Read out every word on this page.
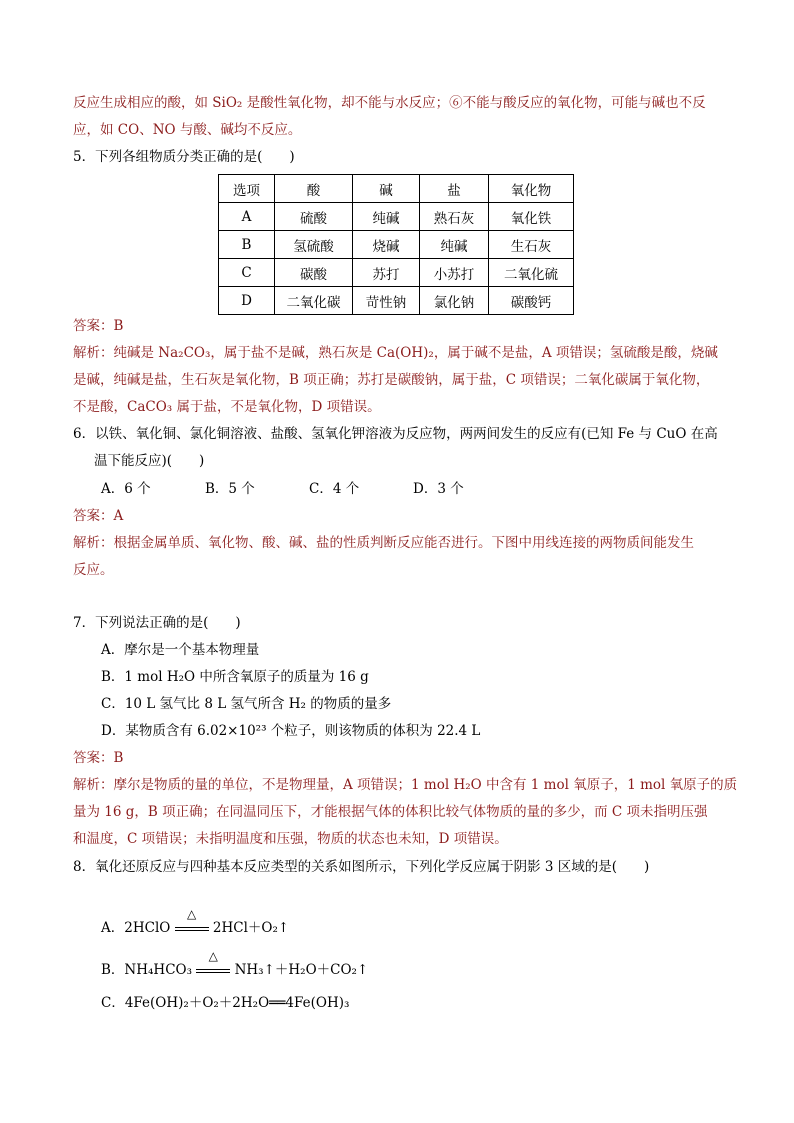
反应生成相应的酸，如 SiO₂ 是酸性氧化物，却不能与水反应；⑥不能与酸反应的氧化物，可能与碱也不反
应，如 CO、NO 与酸、碱均不反应。
5．下列各组物质分类正确的是(　　)
选项	酸	碱	盐	氧化物
A	硫酸	纯碱	熟石灰	氧化铁
B	氢硫酸	烧碱	纯碱	生石灰
C	碳酸	苏打	小苏打	二氧化硫
D	二氧化碳	苛性钠	氯化钠	碳酸钙
答案：B
解析：纯碱是 Na₂CO₃，属于盐不是碱，熟石灰是 Ca(OH)₂，属于碱不是盐，A 项错误；氢硫酸是酸，烧碱
是碱，纯碱是盐，生石灰是氧化物，B 项正确；苏打是碳酸钠，属于盐，C 项错误；二氧化碳属于氧化物，
不是酸，CaCO₃ 属于盐，不是氧化物，D 项错误。
6．以铁、氧化铜、氯化铜溶液、盐酸、氢氧化钾溶液为反应物，两两间发生的反应有(已知 Fe 与 CuO 在高
温下能反应)(　　)
A．6 个	B．5 个	C．4 个	D．3 个
答案：A
解析：根据金属单质、氧化物、酸、碱、盐的性质判断反应能否进行。下图中用线连接的两物质间能发生
反应。
7．下列说法正确的是(　　)
A．摩尔是一个基本物理量
B．1 mol H₂O 中所含氧原子的质量为 16 g
C．10 L 氢气比 8 L 氢气所含 H₂ 的物质的量多
D．某物质含有 6.02×10²³ 个粒子，则该物质的体积为 22.4 L
答案：B
解析：摩尔是物质的量的单位，不是物理量，A 项错误；1 mol H₂O 中含有 1 mol 氧原子，1 mol 氧原子的质
量为 16 g，B 项正确；在同温同压下，才能根据气体的体积比较气体物质的量的多少，而 C 项未指明压强
和温度，C 项错误；未指明温度和压强，物质的状态也未知，D 项错误。
8．氧化还原反应与四种基本反应类型的关系如图所示，下列化学反应属于阴影 3 区域的是(　　)
A．2HClO
△
2HCl＋O₂↑
B．NH₄HCO₃
△
NH₃↑＋H₂O＋CO₂↑
C．4Fe(OH)₂＋O₂＋2H₂O══4Fe(OH)₃
